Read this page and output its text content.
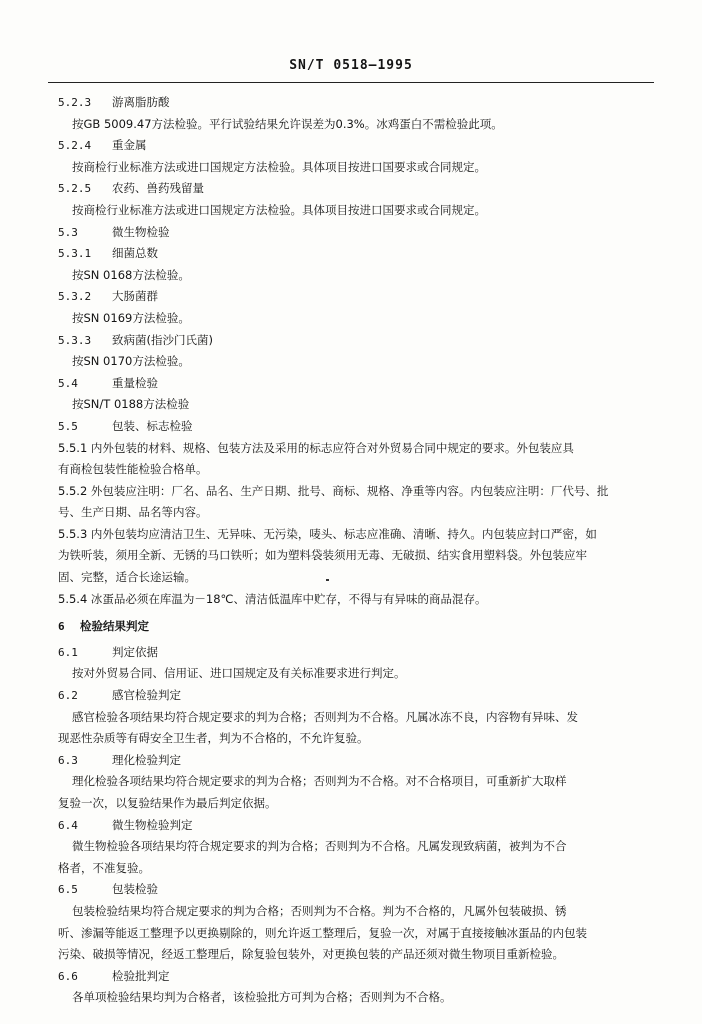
SN/T 0518—1995
5.2.3 游离脂肪酸
按GB 5009.47方法检验。平行试验结果允许误差为0.3%。冰鸡蛋白不需检验此项。
5.2.4 重金属
按商检行业标准方法或进口国规定方法检验。具体项目按进口国要求或合同规定。
5.2.5 农药、兽药残留量
按商检行业标准方法或进口国规定方法检验。具体项目按进口国要求或合同规定。
5.3	微生物检验
5.3.1 细菌总数
按SN 0168方法检验。
5.3.2 大肠菌群
按SN 0169方法检验。
5.3.3 致病菌(指沙门氏菌)
按SN 0170方法检验。
5.4	重量检验
按SN/T 0188方法检验
5.5	包装、标志检验
5.5.1 内外包装的材料、规格、包装方法及采用的标志应符合对外贸易合同中规定的要求。外包装应具
有商检包装性能检验合格单。
5.5.2 外包装应注明：厂名、品名、生产日期、批号、商标、规格、净重等内容。内包装应注明：厂代号、批
号、生产日期、品名等内容。
5.5.3 内外包装均应清洁卫生、无异味、无污染，唛头、标志应准确、清晰、持久。内包装应封口严密，如
为铁听装，须用全新、无锈的马口铁听；如为塑料袋装须用无毒、无破损、结实食用塑料袋。外包装应牢
固、完整，适合长途运输。
5.5.4 冰蛋品必须在库温为－18℃、清洁低温库中贮存，不得与有异味的商品混存。
6 检验结果判定
6.1	判定依据
按对外贸易合同、信用证、进口国规定及有关标准要求进行判定。
6.2	感官检验判定
感官检验各项结果均符合规定要求的判为合格；否则判为不合格。凡属冰冻不良，内容物有异味、发
现恶性杂质等有碍安全卫生者，判为不合格的，不允许复验。
6.3	理化检验判定
理化检验各项结果均符合规定要求的判为合格；否则判为不合格。对不合格项目，可重新扩大取样
复验一次，以复验结果作为最后判定依据。
6.4	微生物检验判定
微生物检验各项结果均符合规定要求的判为合格；否则判为不合格。凡属发现致病菌，被判为不合
格者，不准复验。
6.5	包装检验
包装检验结果均符合规定要求的判为合格；否则判为不合格。判为不合格的，凡属外包装破损、锈
听、渗漏等能返工整理予以更换剔除的，则允许返工整理后，复验一次，对属于直接接触冰蛋品的内包装
污染、破损等情况，经返工整理后，除复验包装外，对更换包装的产品还须对微生物项目重新检验。
6.6	检验批判定
各单项检验结果均判为合格者，该检验批方可判为合格；否则判为不合格。
